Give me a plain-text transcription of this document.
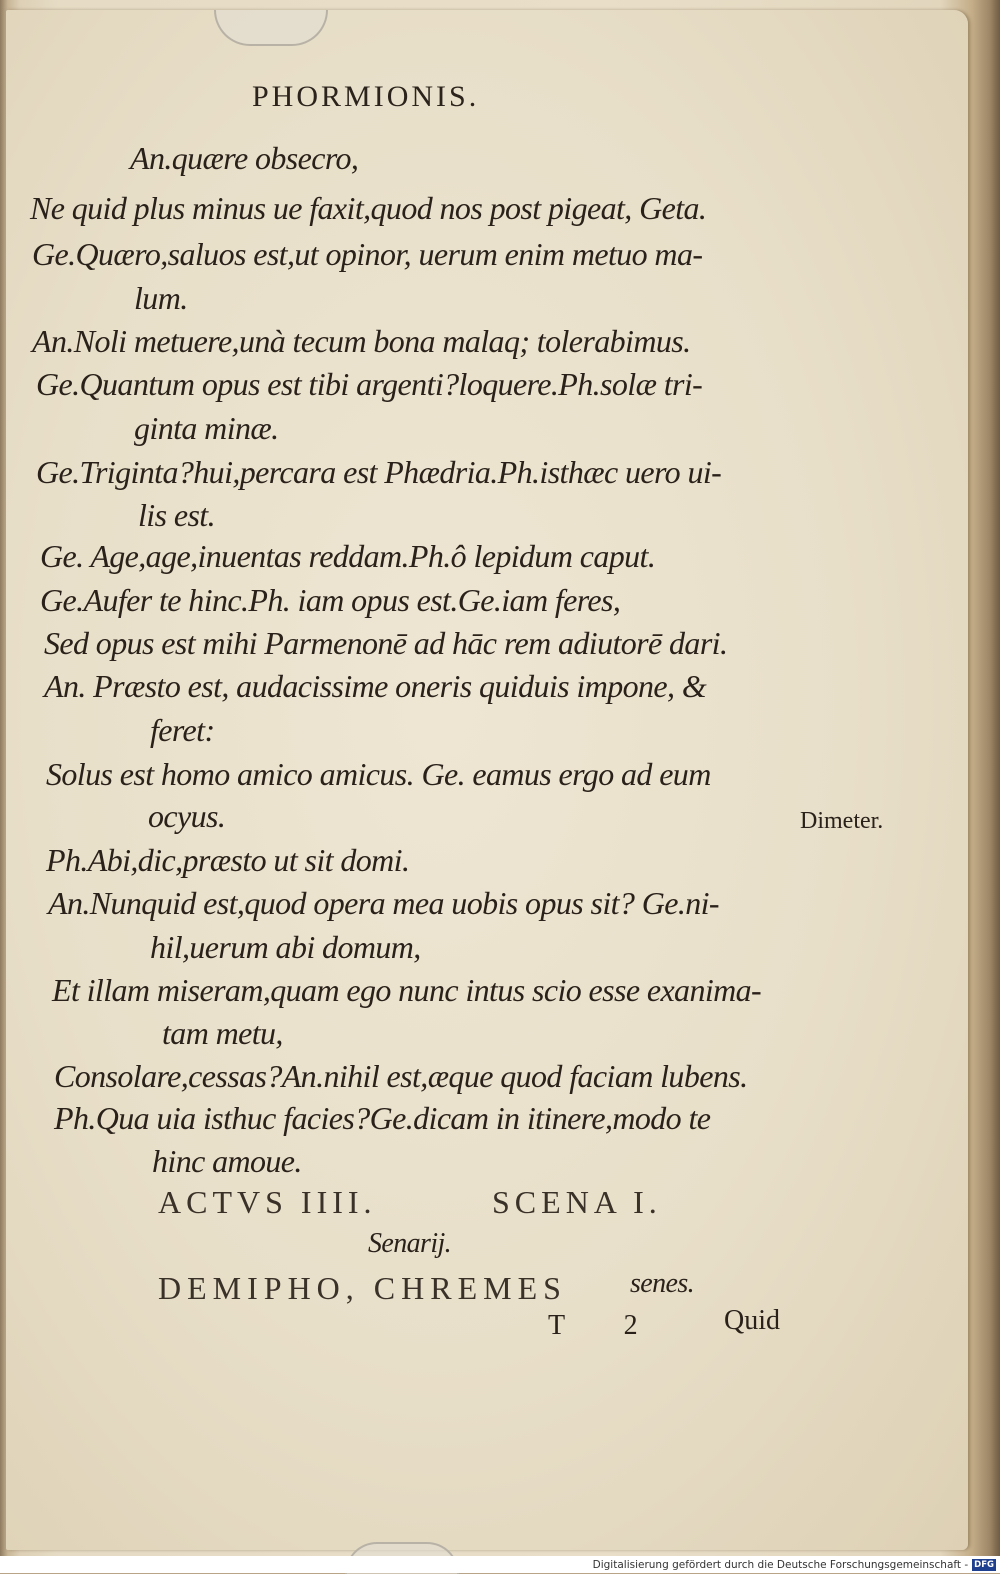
PHORMIONIS.
An.quære obsecro,
Ne quid plus minus ue faxit,quod nos post pigeat, Geta.
Ge.Quæro,saluos est,ut opinor, uerum enim metuo ma-
lum.
An.Noli metuere,unà tecum bona malaq; tolerabimus.
Ge.Quantum opus est tibi argenti?loquere.Ph.solæ tri-
ginta minæ.
Ge.Triginta?hui,percara est Phædria.Ph.isthæc uero ui-
lis est.
Ge. Age,age,inuentas reddam.Ph.ô lepidum caput.
Ge.Aufer te hinc.Ph. iam opus est.Ge.iam feres,
Sed opus est mihi Parmenonē ad hāc rem adiutorē dari.
An. Præsto est, audacissime oneris quiduis impone, &
feret:
Solus est homo amico amicus. Ge. eamus ergo ad eum
ocyus.
Ph.Abi,dic,præsto ut sit domi.
An.Nunquid est,quod opera mea uobis opus sit? Ge.ni-
hil,uerum abi domum,
Et illam miseram,quam ego nunc intus scio esse exanima-
tam metu,
Consolare,cessas?An.nihil est,æque quod faciam lubens.
Ph.Qua uia isthuc facies?Ge.dicam in itinere,modo te
hinc amoue.
Dimeter.
ACTVS IIII.	SCENA I.
Senarij.
DEMIPHO, CHREMES senes.
T 2 Quid
Digitalisierung gefördert durch die Deutsche Forschungsgemeinschaft - DFG
